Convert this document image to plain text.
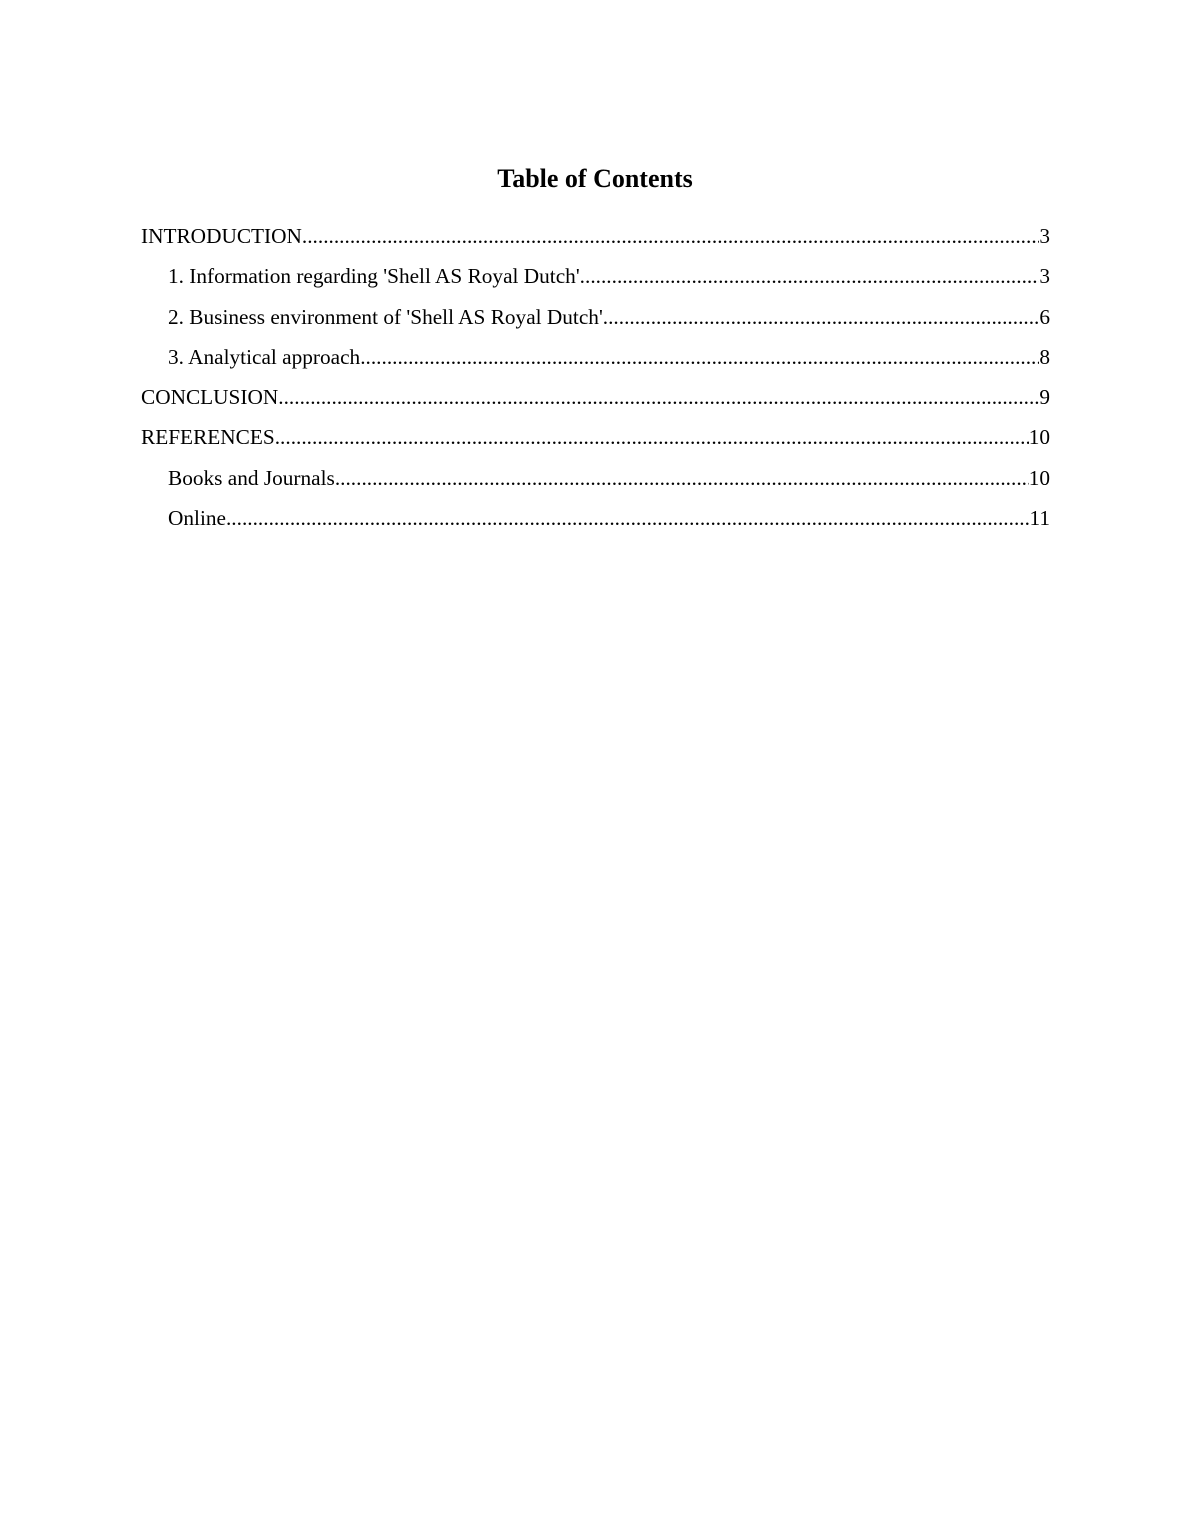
Table of Contents
INTRODUCTION .....	3
1. Information regarding 'Shell AS Royal Dutch' .....	3
2. Business environment of 'Shell AS Royal Dutch' .....	6
3. Analytical approach .....	8
CONCLUSION .....	9
REFERENCES .....	10
Books and Journals .....	10
Online .....	11
